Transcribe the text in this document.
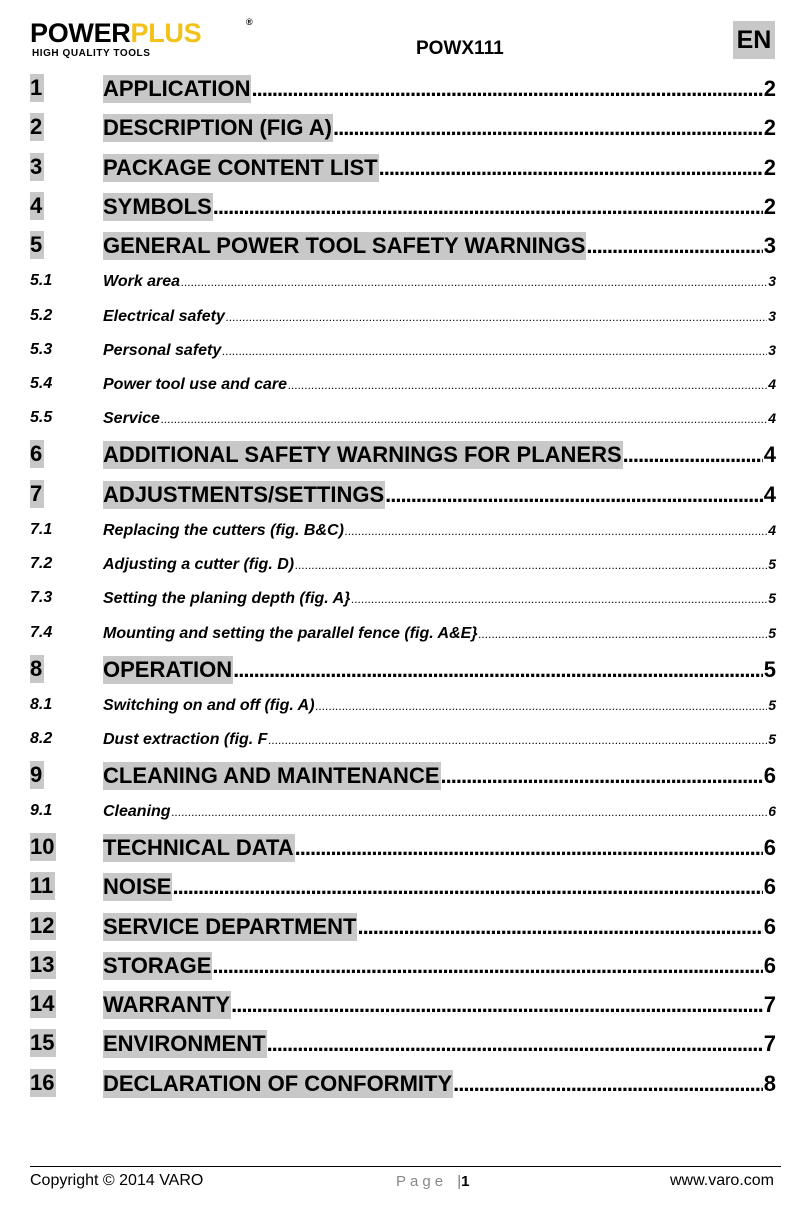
POWERPLUS	®
HIGH QUALITY TOOLS	POWX111	EN
1	APPLICATION .....	2
2	DESCRIPTION (FIG A) .....	2
3	PACKAGE CONTENT LIST .....	2
4	SYMBOLS .....	2
5	GENERAL POWER TOOL SAFETY WARNINGS .....	3
5.1	Work area .....	3
5.2	Electrical safety .....	3
5.3	Personal safety .....	3
5.4	Power tool use and care .....	4
5.5	Service .....	4
6	ADDITIONAL SAFETY WARNINGS FOR PLANERS .....	4
7	ADJUSTMENTS/SETTINGS .....	4
7.1	Replacing the cutters (fig. B&C) .....	4
7.2	Adjusting a cutter (fig. D) .....	5
7.3	Setting the planing depth (fig. A} .....	5
7.4	Mounting and setting the parallel fence (fig. A&E} .....	5
8	OPERATION .....	5
8.1	Switching on and off (fig. A) .....	5
8.2	Dust extraction (fig. F .....	5
9	CLEANING AND MAINTENANCE .....	6
9.1	Cleaning .....	6
10 TECHNICAL DATA .....	6
11 NOISE .....	6
12 SERVICE DEPARTMENT .....	6
13 STORAGE .....	6
14 WARRANTY .....	7
15 ENVIRONMENT .....	7
16 DECLARATION OF CONFORMITY .....	8
Copyright © 2014 VARO	Page |1	www.varo.com
